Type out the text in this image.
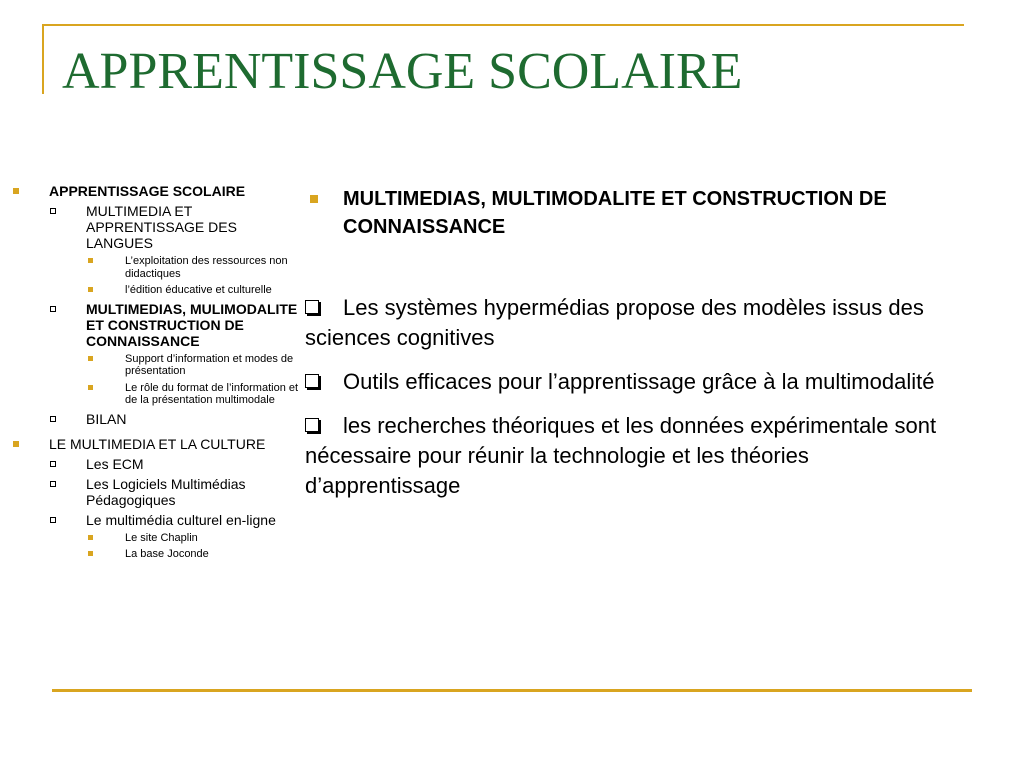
APPRENTISSAGE SCOLAIRE
APPRENTISSAGE SCOLAIRE
MULTIMEDIA ET APPRENTISSAGE DES LANGUES
L’exploitation des ressources non didactiques
l’édition éducative et culturelle
MULTIMEDIAS, MULIMODALITE ET CONSTRUCTION DE CONNAISSANCE
Support d’information et modes de présentation
Le rôle du format de l’information et de la présentation multimodale
BILAN
LE MULTIMEDIA ET LA CULTURE
Les ECM
Les Logiciels Multimédias Pédagogiques
Le multimédia culturel en-ligne
Le site Chaplin
La base Joconde
MULTIMEDIAS, MULTIMODALITE ET CONSTRUCTION DE CONNAISSANCE
Les systèmes hypermédias propose des modèles issus des sciences cognitives
Outils efficaces pour l’apprentissage grâce à la multimodalité
les recherches théoriques et les données expérimentale sont nécessaire pour réunir la technologie et les théories d’apprentissage
